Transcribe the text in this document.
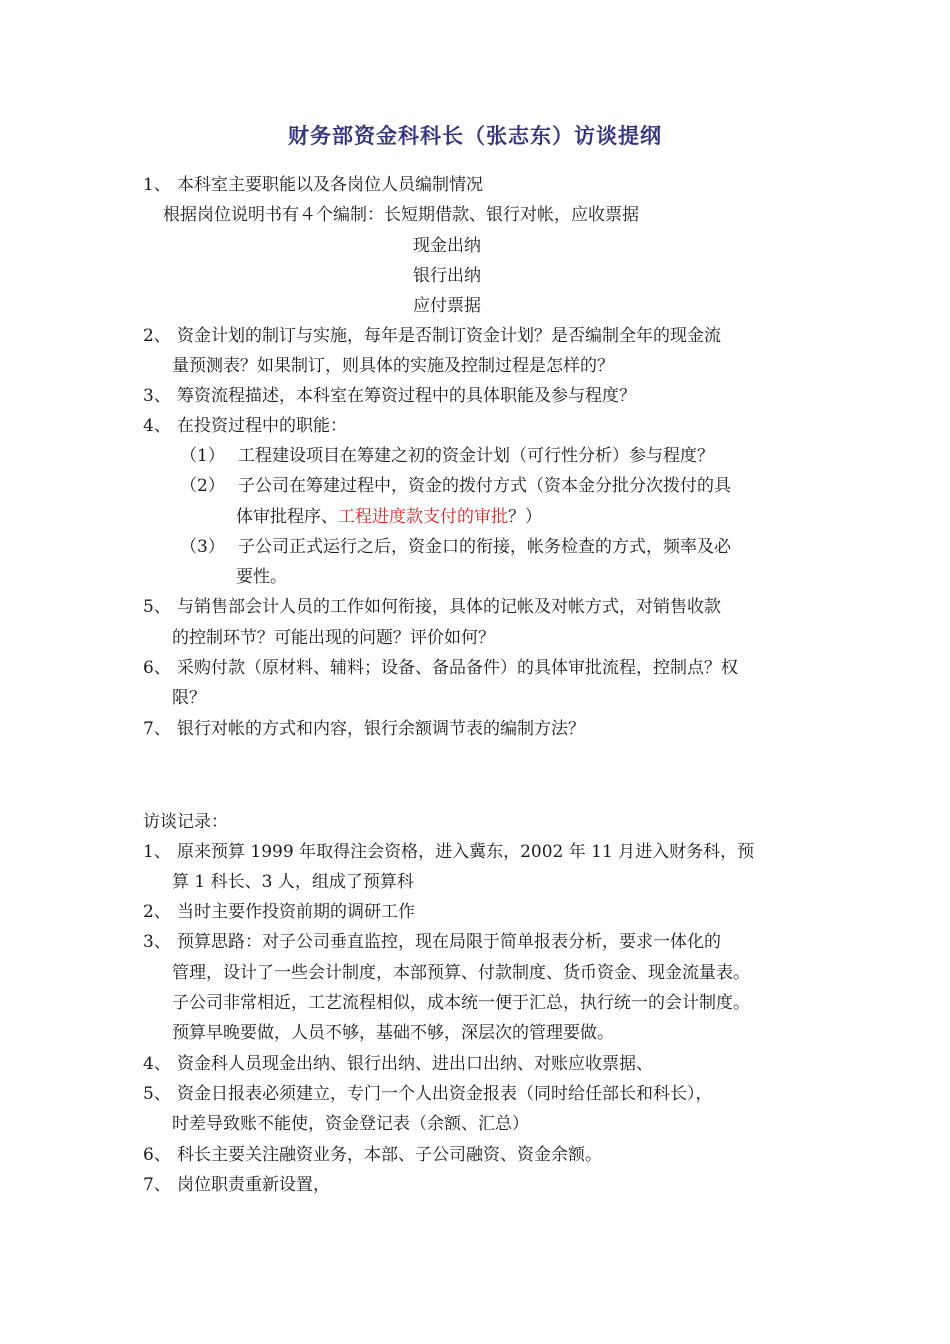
财务部资金科科长（张志东）访谈提纲
1、 本科室主要职能以及各岗位人员编制情况
根据岗位说明书有４个编制：长短期借款、银行对帐，应收票据
现金出纳
银行出纳
应付票据
2、 资金计划的制订与实施，每年是否制订资金计划？是否编制全年的现金流
量预测表？如果制订，则具体的实施及控制过程是怎样的？
3、 筹资流程描述，本科室在筹资过程中的具体职能及参与程度？
4、 在投资过程中的职能：
（1） 工程建设项目在筹建之初的资金计划（可行性分析）参与程度？
（2） 子公司在筹建过程中，资金的拨付方式（资本金分批分次拨付的具
体审批程序、工程进度款支付的审批？）
（3） 子公司正式运行之后，资金口的衔接，帐务检查的方式，频率及必
要性。
5、 与销售部会计人员的工作如何衔接，具体的记帐及对帐方式，对销售收款
的控制环节？可能出现的问题？评价如何？
6、 采购付款（原材料、辅料；设备、备品备件）的具体审批流程，控制点？权
限？
7、 银行对帐的方式和内容，银行余额调节表的编制方法？
访谈记录：
1、 原来预算 1999 年取得注会资格，进入冀东，2002 年 11 月进入财务科，预
算 1 科长、3 人，组成了预算科
2、 当时主要作投资前期的调研工作
3、 预算思路：对子公司垂直监控，现在局限于简单报表分析，要求一体化的
管理，设计了一些会计制度，本部预算、付款制度、货币资金、现金流量表。
子公司非常相近，工艺流程相似，成本统一便于汇总，执行统一的会计制度。
预算早晚要做，人员不够，基础不够，深层次的管理要做。
4、 资金科人员现金出纳、银行出纳、进出口出纳、对账应收票据、
5、 资金日报表必须建立，专门一个人出资金报表（同时给任部长和科长），
时差导致账不能使，资金登记表（余额、汇总）
6、 科长主要关注融资业务，本部、子公司融资、资金余额。
7、 岗位职责重新设置，
